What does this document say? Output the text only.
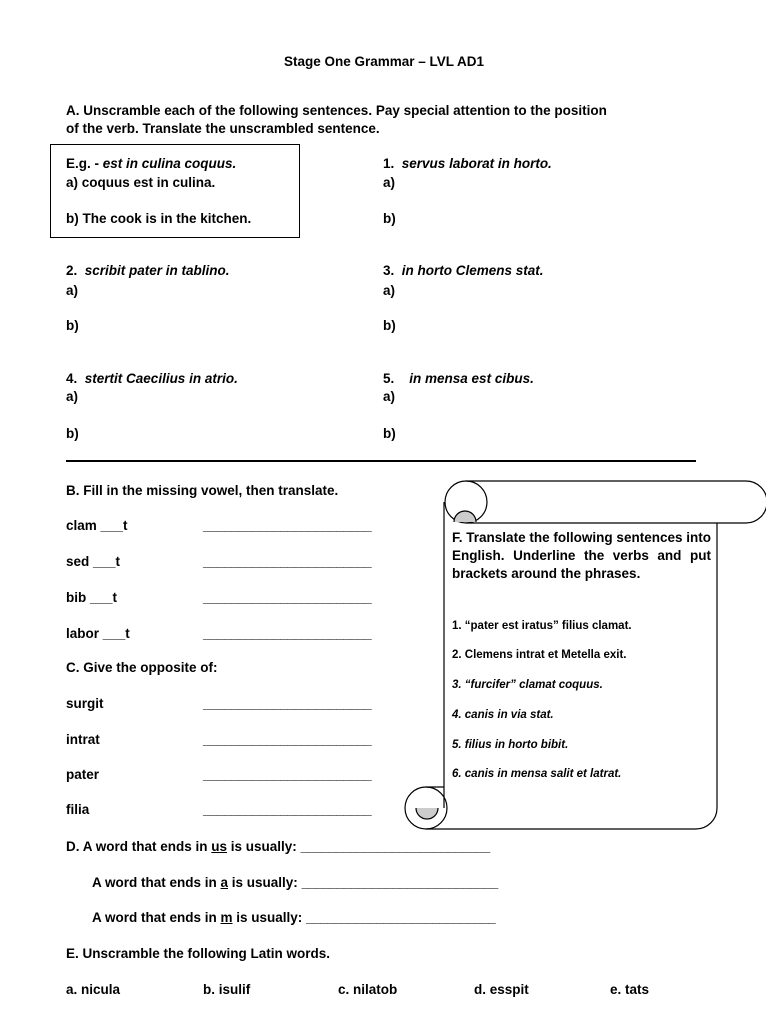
Stage One Grammar – LVL AD1
A. Unscramble each of the following sentences. Pay special attention to the position
of the verb. Translate the unscrambled sentence.
E.g. - est in culina coquus.
a) coquus est in culina.
b) The cook is in the kitchen.
1. servus laborat in horto.
a)
b)
2. scribit pater in tablino.
a)
b)
3. in horto Clemens stat.
a)
b)
4. stertit Caecilius in atrio.
a)
b)
5. in mensa est cibus.
a)
b)
B. Fill in the missing vowel, then translate.
clam ___t	________________________
sed ___t	________________________
bib ___t	________________________
labor ___t	________________________
C. Give the opposite of:
surgit	________________________
intrat	________________________
pater	________________________
filia	________________________
D. A word that ends in us is usually: ___________________________
A word that ends in a is usually: ____________________________
A word that ends in m is usually: ___________________________
E. Unscramble the following Latin words.
a. nicula	b. isulif	c. nilatob	d. esspit	e. tats
F. Translate the following sentences into English. Underline the verbs and put brackets around the phrases.
1. “pater est iratus” filius clamat.
2. Clemens intrat et Metella exit.
3. “furcifer” clamat coquus.
4. canis in via stat.
5. filius in horto bibit.
6. canis in mensa salit et latrat.
